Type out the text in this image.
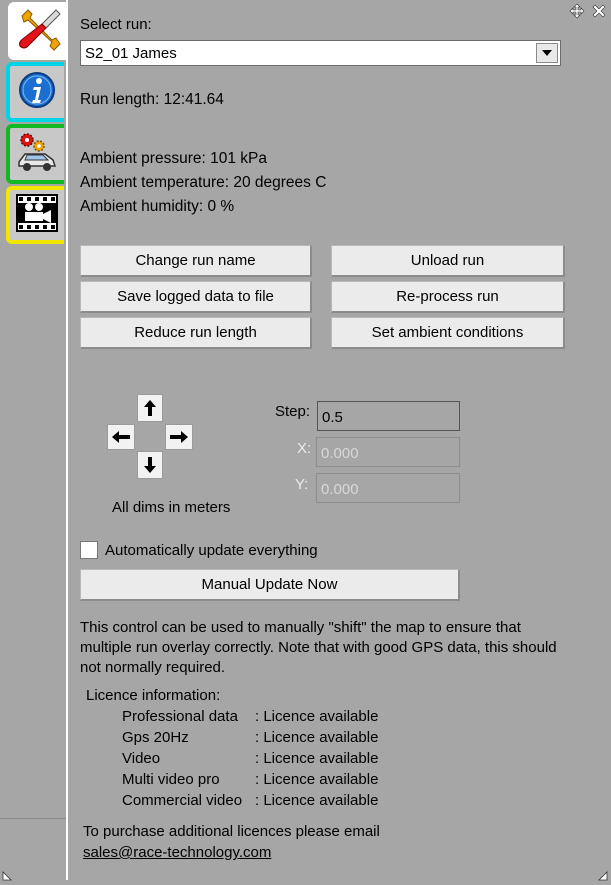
Select run:
S2_01 James
Run length: 12:41.64
Ambient pressure: 101 kPa
Ambient temperature: 20 degrees C
Ambient humidity: 0 %
Change run name	Unload run
Save logged data to file	Re-process run
Reduce run length	Set ambient conditions
All dims in meters
Step:
0.5
X:
0.000
Y:
0.000
Automatically update everything
Manual Update Now
This control can be used to manually "shift" the map to ensure that multiple run overlay correctly. Note that with good GPS data, this should not normally required.
Licence information:
Professional data : Licence available
Gps 20Hz	: Licence available
Video	: Licence available
Multi video pro : Licence available
Commercial video : Licence available
To purchase additional licences please email
sales@race-technology.com
